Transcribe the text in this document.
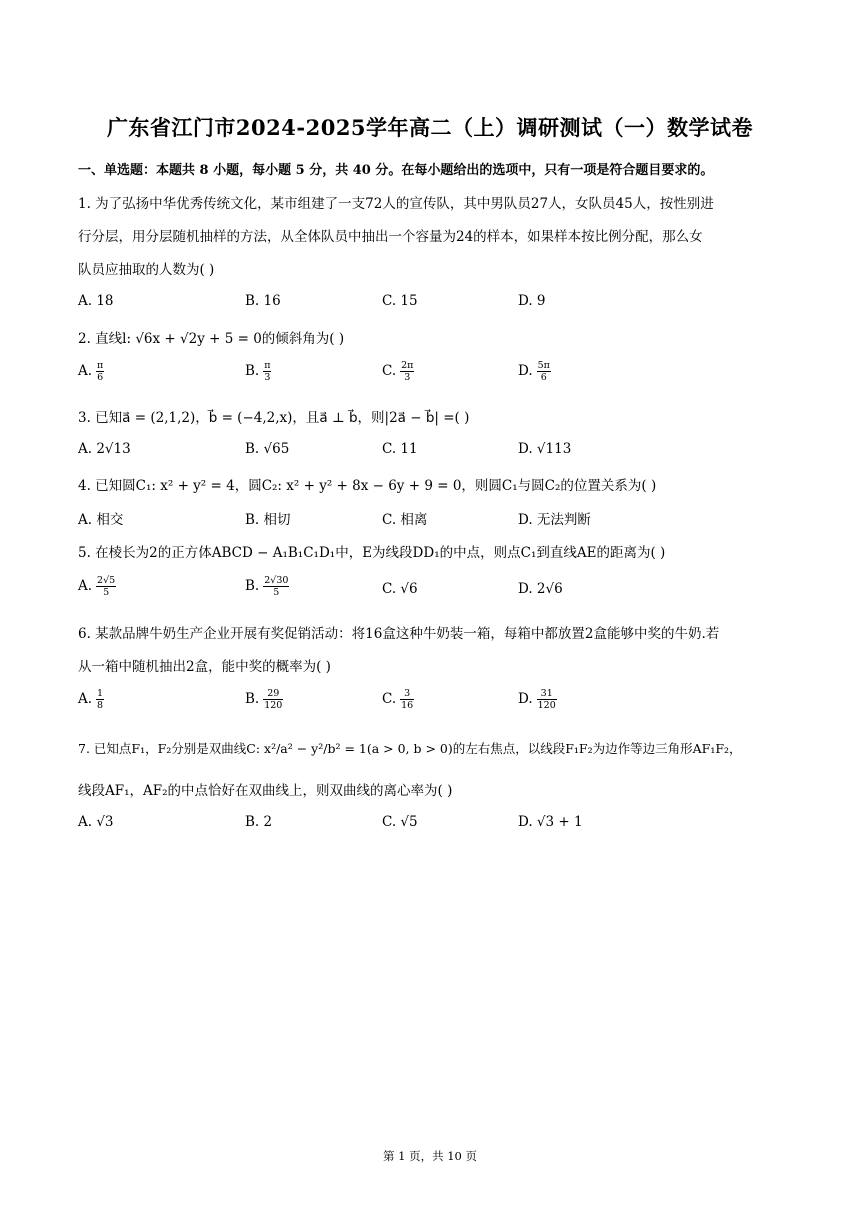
广东省江门市2024-2025学年高二（上）调研测试（一）数学试卷
一、单选题：本题共 8 小题，每小题 5 分，共 40 分。在每小题给出的选项中，只有一项是符合题目要求的。
1. 为了弘扬中华优秀传统文化，某市组建了一支72人的宣传队，其中男队员27人，女队员45人，按性别进
行分层，用分层随机抽样的方法，从全体队员中抽出一个容量为24的样本，如果样本按比例分配，那么女
队员应抽取的人数为( )
A. 18	B. 16	C. 15	D. 9
2. 直线l: √6x + √2y + 5 = 0的倾斜角为( )
A. $\frac{\pi}{6}$	B. $\frac{\pi}{3}$	C. $\frac{2\pi}{3}$	D. $\frac{5\pi}{6}$
3. 已知a⃗ = (2,1,2)，b⃗ = (−4,2,x)，且a⃗ ⊥ b⃗，则|2a⃗ − b⃗| =( )
A. 2√13	B. √65	C. 11	D. √113
4. 已知圆C₁: x² + y² = 4，圆C₂: x² + y² + 8x − 6y + 9 = 0，则圆C₁与圆C₂的位置关系为( )
A. 相交	B. 相切	C. 相离	D. 无法判断
5. 在棱长为2的正方体ABCD − A₁B₁C₁D₁中，E为线段DD₁的中点，则点C₁到直线AE的距离为( )
A. $\frac{2√5}{5}$	B. $\frac{2√30}{5}$	C. √6	D. 2√6
6. 某款品牌牛奶生产企业开展有奖促销活动：将16盒这种牛奶装一箱，每箱中都放置2盒能够中奖的牛奶.若
从一箱中随机抽出2盒，能中奖的概率为( )
A. $\frac{1}{8}$	B. $\frac{29}{120}$	C. $\frac{3}{16}$	D. $\frac{31}{120}$
7. 已知点F₁，F₂分别是双曲线C: x²/a² − y²/b² = 1(a > 0, b > 0)的左右焦点，以线段F₁F₂为边作等边三角形AF₁F₂，
线段AF₁，AF₂的中点恰好在双曲线上，则双曲线的离心率为( )
A. √3	B. 2	C. √5	D. √3 + 1
第 1 页，共 10 页
